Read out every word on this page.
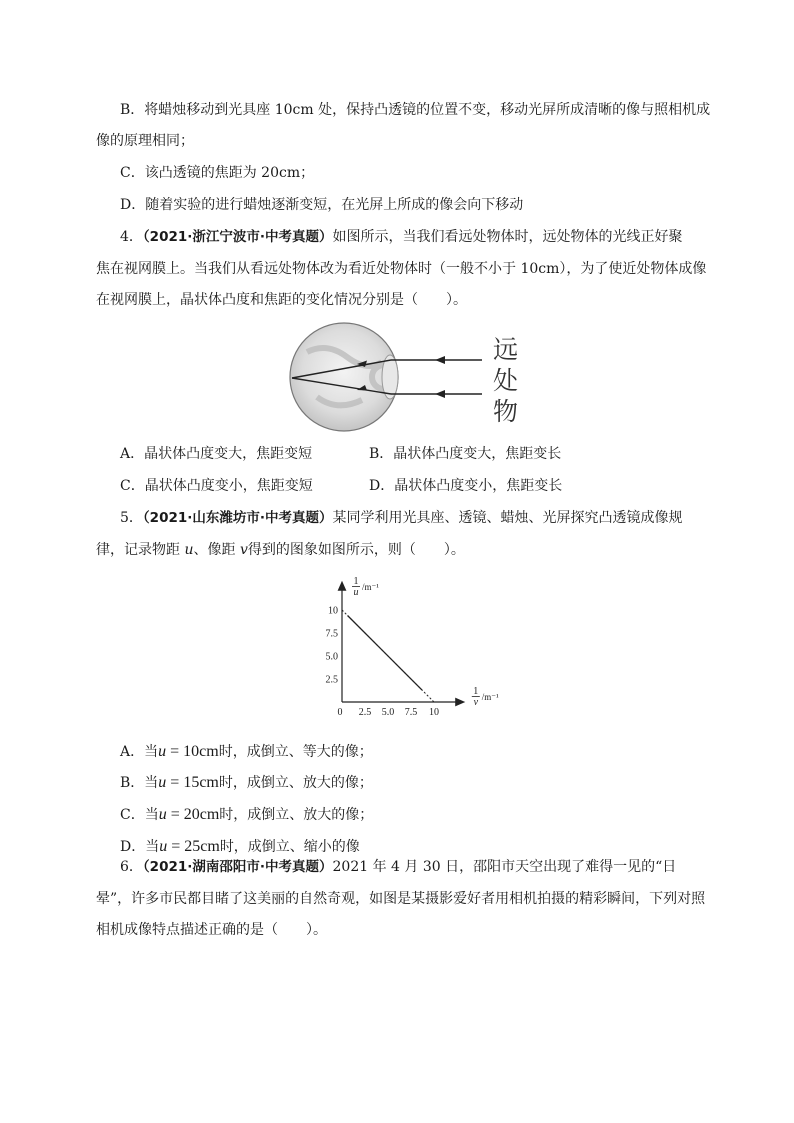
B．将蜡烛移动到光具座 10cm 处，保持凸透镜的位置不变，移动光屏所成清晰的像与照相机成
像的原理相同；
C．该凸透镜的焦距为 20cm；
D．随着实验的进行蜡烛逐渐变短，在光屏上所成的像会向下移动
4．（2021·浙江宁波市·中考真题）如图所示，当我们看远处物体时，远处物体的光线正好聚
焦在视网膜上。当我们从看远处物体改为看近处物体时（一般不小于 10cm），为了使近处物体成像
在视网膜上，晶状体凸度和焦距的变化情况分别是（　　）。
远
处
物
A．晶状体凸度变大，焦距变短	B．晶状体凸度变大，焦距变长
C．晶状体凸度变小，焦距变短	D．晶状体凸度变小，焦距变长
5．（2021·山东潍坊市·中考真题）某同学利用光具座、透镜、蜡烛、光屏探究凸透镜成像规
律，记录物距 u、像距 v得到的图象如图所示，则（　　）。
0 2.5 5.0 7.5 10
2.5
5.0
7.5
10
1
u /m⁻¹
1
v /m⁻¹
A．当u = 10cm时，成倒立、等大的像；
B．当u = 15cm时，成倒立、放大的像；
C．当u = 20cm时，成倒立、放大的像；
D．当u = 25cm时，成倒立、缩小的像
6．（2021·湖南邵阳市·中考真题）2021 年 4 月 30 日，邵阳市天空出现了难得一见的“日
晕”，许多市民都目睹了这美丽的自然奇观，如图是某摄影爱好者用相机拍摄的精彩瞬间，下列对照
相机成像特点描述正确的是（　　）。
